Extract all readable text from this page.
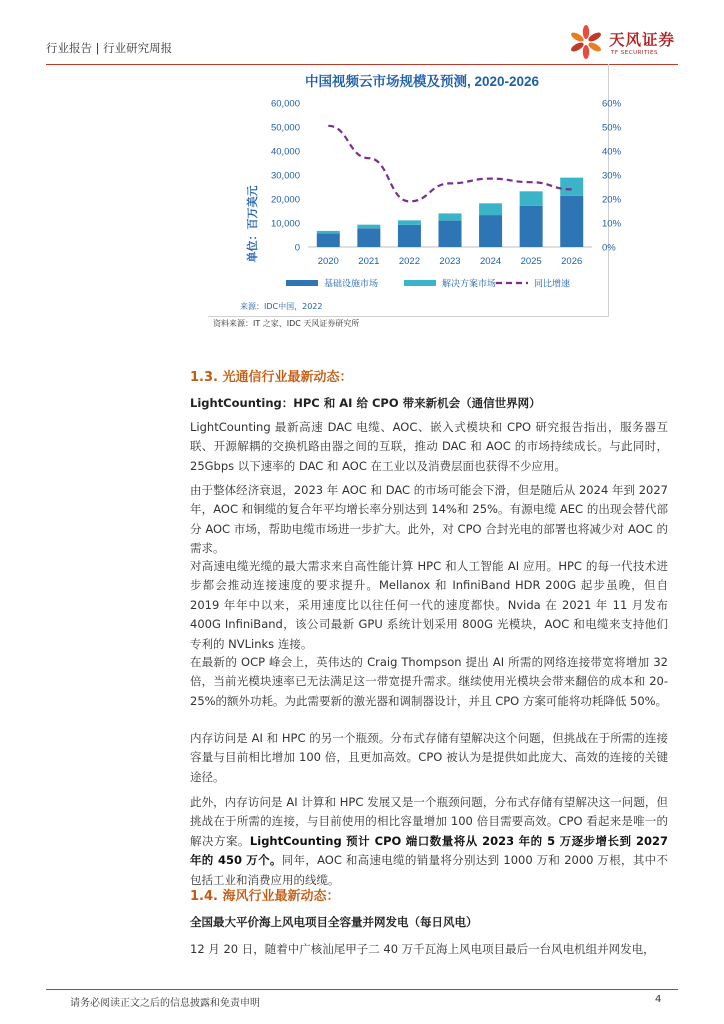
行业报告 | 行业研究周报	天风证券
TF SECURITIES
中国视频云市场规模及预测, 2020-2026
单位：百万美元	0
10,000
20,000
30,000
40,000
50,000
60,000
0%
10%
20%
30%
40%
50%
60%
2020 2021 2022 2023 2024 2025 2026
基础设施市场	解决方案市场	同比增速
来源：IDC中国，2022
资料来源：IT 之家、IDC 天风证券研究所
1.3. 光通信行业最新动态：
LightCounting：HPC 和 AI 给 CPO 带来新机会（通信世界网）
LightCounting 最新高速 DAC 电缆、AOC、嵌入式模块和 CPO 研究报告指出，服务器互联、开源解耦的交换机路由器之间的互联，推动 DAC 和 AOC 的市场持续成长。与此同时，25Gbps 以下速率的 DAC 和 AOC 在工业以及消费层面也获得不少应用。
由于整体经济衰退，2023 年 AOC 和 DAC 的市场可能会下滑，但是随后从 2024 年到 2027 年，AOC 和铜缆的复合年平均增长率分别达到 14%和 25%。有源电缆 AEC 的出现会替代部分 AOC 市场，帮助电缆市场进一步扩大。此外，对 CPO 合封光电的部署也将减少对 AOC 的需求。
对高速电缆光缆的最大需求来自高性能计算 HPC 和人工智能 AI 应用。HPC 的每一代技术进步都会推动连接速度的要求提升。Mellanox 和 InfiniBand HDR 200G 起步虽晚，但自 2019 年年中以来，采用速度比以往任何一代的速度都快。Nvida 在 2021 年 11 月发布 400G InfiniBand，该公司最新 GPU 系统计划采用 800G 光模块，AOC 和电缆来支持他们专利的 NVLinks 连接。
在最新的 OCP 峰会上，英伟达的 Craig Thompson 提出 AI 所需的网络连接带宽将增加 32 倍，当前光模块速率已无法满足这一带宽提升需求。继续使用光模块会带来翻倍的成本和 20-25%的额外功耗。为此需要新的激光器和调制器设计，并且 CPO 方案可能将功耗降低 50%。
内存访问是 AI 和 HPC 的另一个瓶颈。分布式存储有望解决这个问题，但挑战在于所需的连接容量与目前相比增加 100 倍，且更加高效。CPO 被认为是提供如此庞大、高效的连接的关键途径。
此外，内存访问是 AI 计算和 HPC 发展又是一个瓶颈问题，分布式存储有望解决这一问题，但挑战在于所需的连接，与目前使用的相比容量增加 100 倍目需要高效。CPO 看起来是唯一的解决方案。LightCounting 预计 CPO 端口数量将从 2023 年的 5 万逐步增长到 2027 年的 450 万个。同年，AOC 和高速电缆的销量将分别达到 1000 万和 2000 万根，其中不包括工业和消费应用的线缆。
1.4. 海风行业最新动态：
全国最大平价海上风电项目全容量并网发电（每日风电）
12 月 20 日，随着中广核汕尾甲子二 40 万千瓦海上风电项目最后一台风电机组并网发电，
请务必阅读正文之后的信息披露和免责申明	4
